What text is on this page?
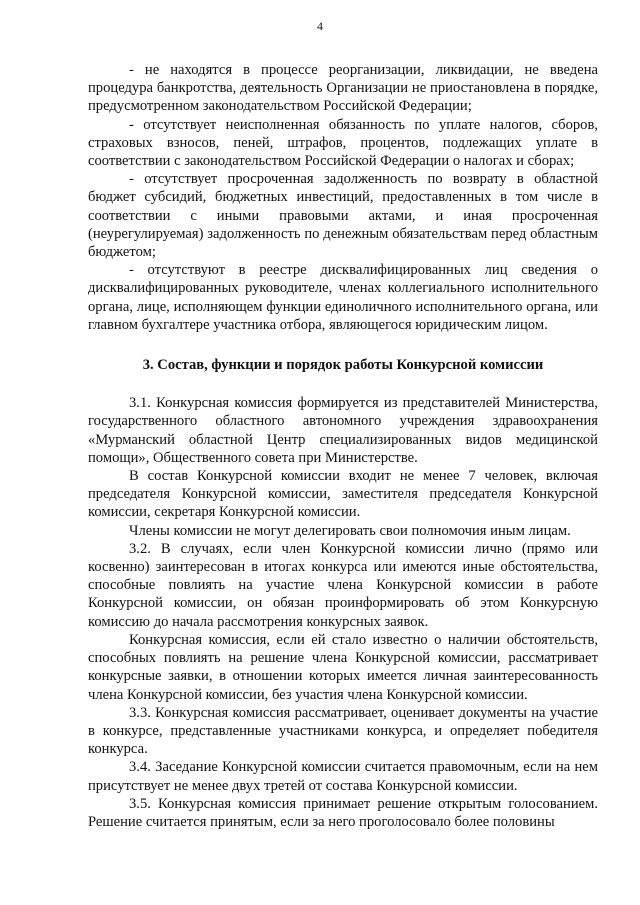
4

- не находятся в процессе реорганизации, ликвидации, не введена процедура банкротства, деятельность Организации не приостановлена в порядке, предусмотренном законодательством Российской Федерации;

- отсутствует неисполненная обязанность по уплате налогов, сборов, страховых взносов, пеней, штрафов, процентов, подлежащих уплате в соответствии с законодательством Российской Федерации о налогах и сборах;

- отсутствует просроченная задолженность по возврату в областной бюджет субсидий, бюджетных инвестиций, предоставленных в том числе в соответствии с иными правовыми актами, и иная просроченная (неурегулируемая) задолженность по денежным обязательствам перед областным бюджетом;

- отсутствуют в реестре дисквалифицированных лиц сведения о дисквалифицированных руководителе, членах коллегиального исполнительного органа, лице, исполняющем функции единоличного исполнительного органа, или главном бухгалтере участника отбора, являющегося юридическим лицом.

3. Состав, функции и порядок работы Конкурсной комиссии

3.1. Конкурсная комиссия формируется из представителей Министерства, государственного областного автономного учреждения здравоохранения «Мурманский областной Центр специализированных видов медицинской помощи», Общественного совета при Министерстве.

В состав Конкурсной комиссии входит не менее 7 человек, включая председателя Конкурсной комиссии, заместителя председателя Конкурсной комиссии, секретаря Конкурсной комиссии.

Члены комиссии не могут делегировать свои полномочия иным лицам.

3.2. В случаях, если член Конкурсной комиссии лично (прямо или косвенно) заинтересован в итогах конкурса или имеются иные обстоятельства, способные повлиять на участие члена Конкурсной комиссии в работе Конкурсной комиссии, он обязан проинформировать об этом Конкурсную комиссию до начала рассмотрения конкурсных заявок.

Конкурсная комиссия, если ей стало известно о наличии обстоятельств, способных повлиять на решение члена Конкурсной комиссии, рассматривает конкурсные заявки, в отношении которых имеется личная заинтересованность члена Конкурсной комиссии, без участия члена Конкурсной комиссии.

3.3. Конкурсная комиссия рассматривает, оценивает документы на участие в конкурсе, представленные участниками конкурса, и определяет победителя конкурса.

3.4. Заседание Конкурсной комиссии считается правомочным, если на нем присутствует не менее двух третей от состава Конкурсной комиссии.

3.5. Конкурсная комиссия принимает решение открытым голосованием. Решение считается принятым, если за него проголосовало более половины
